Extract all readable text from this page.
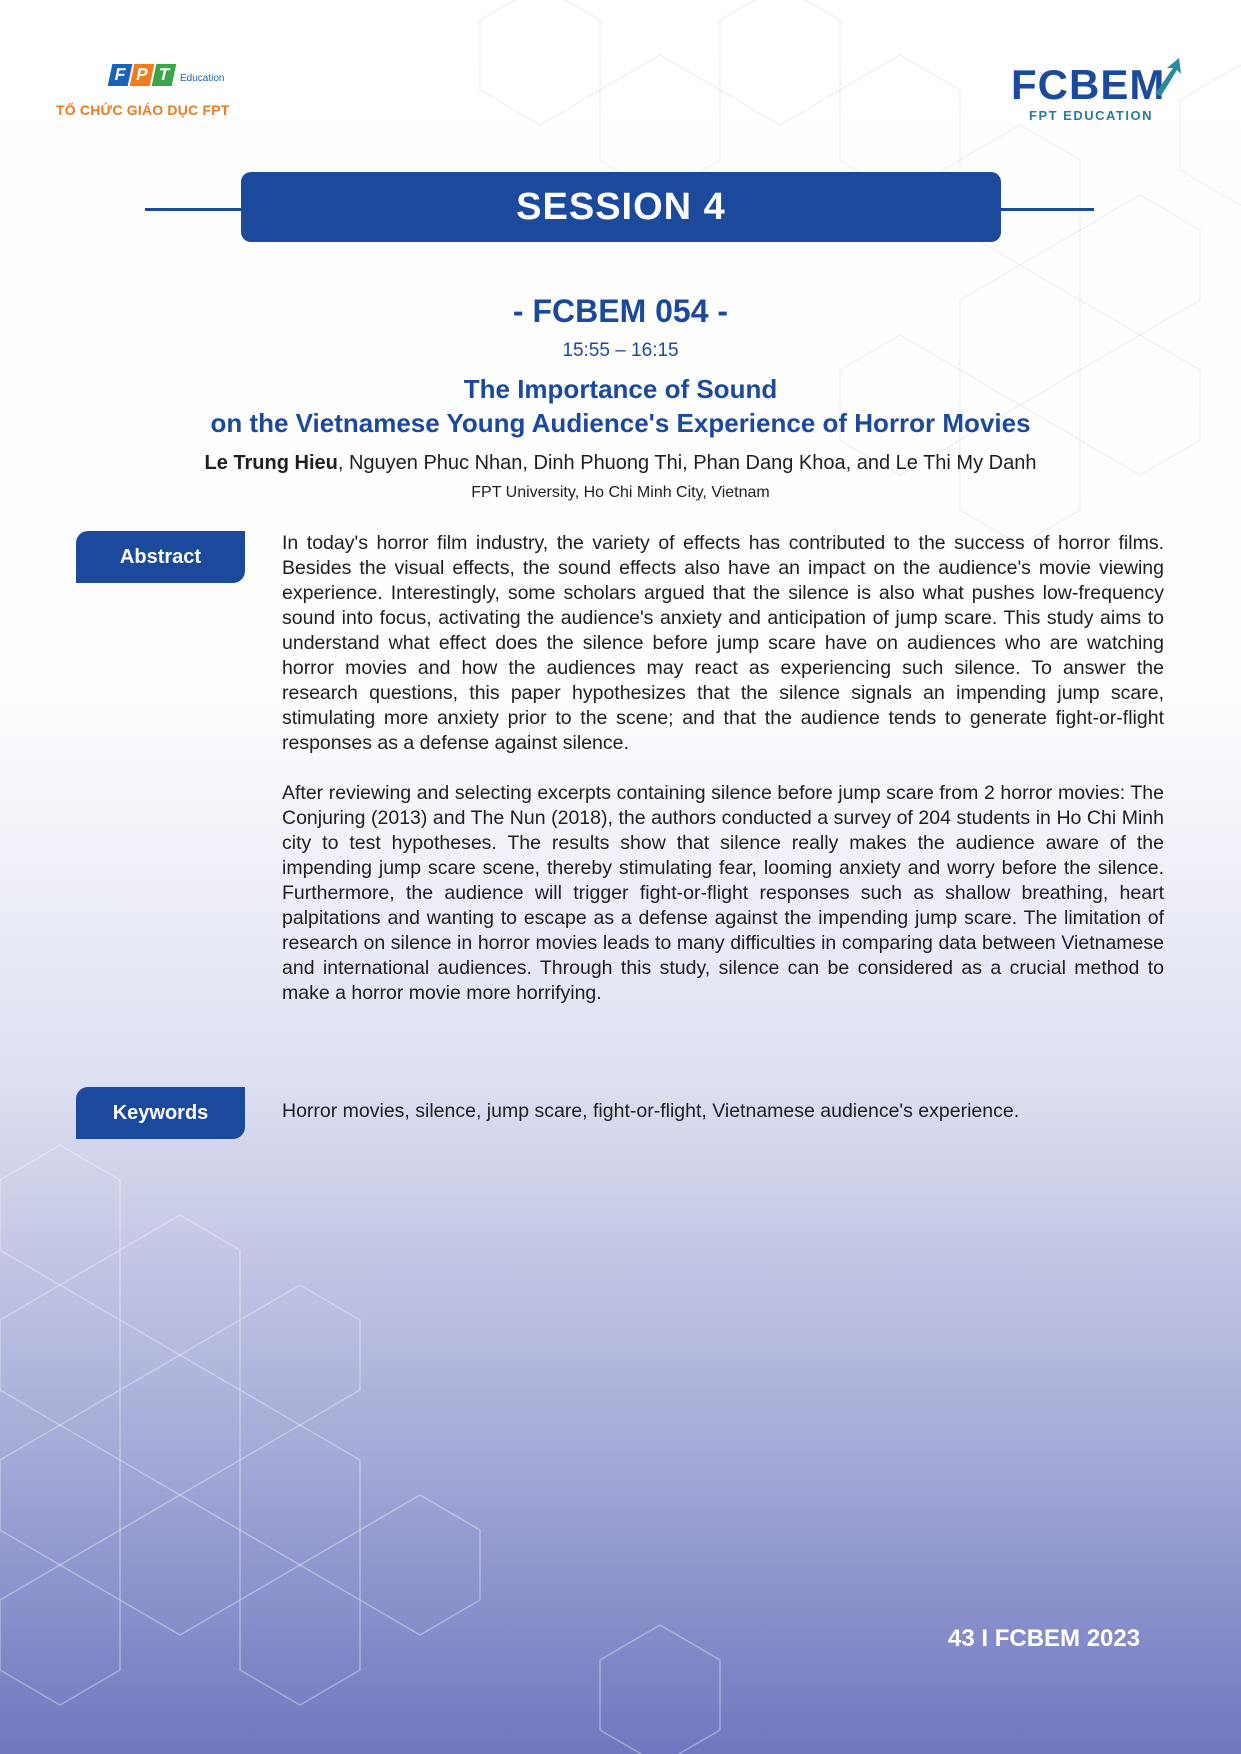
F P T Education
TỔ CHỨC GIÁO DỤC FPT
FCBEM
FPT EDUCATION
SESSION 4
- FCBEM 054 -
15:55 – 16:15
The Importance of Sound
on the Vietnamese Young Audience's Experience of Horror Movies
Le Trung Hieu, Nguyen Phuc Nhan, Dinh Phuong Thi, Phan Dang Khoa, and Le Thi My Danh
FPT University, Ho Chi Minh City, Vietnam
Abstract

In today's horror film industry, the variety of effects has contributed to the success of horror films. Besides the visual effects, the sound effects also have an impact on the audience's movie viewing experience. Interestingly, some scholars argued that the silence is also what pushes low-frequency sound into focus, activating the audience's anxiety and anticipation of jump scare. This study aims⁠ to understand what effect does the silence before jump scare have on audiences who are watching horror movies and how the audiences may react as experiencing such silence. To answer the research questions, this paper hypothesizes that the silence signals an impending jump scare, stimulating more anxiety prior to the scene; and that the audience tends to generate fight-or-flight responses as a defense against silence.

After reviewing and selecting excerpts containing silence before jump scare from 2 horror movies: The Conjuring (2013) and The Nun (2018), the authors conducted a survey of 204 students in Ho Chi Minh city to test hypotheses. The results show that silence really makes the audience aware of the impending jump scare scene, thereby stimulating fear, looming anxiety and worry before the silence. Furthermore, the audience will trigger fight-or-flight responses such as shallow breathing, heart palpitations and wanting to escape as a defense against the impending jump scare. The limitation of research on silence in horror movies leads to many difficulties in comparing data between Vietnamese and international audiences. Through this study, silence can be considered as a crucial method to make a horror movie more horrifying.

Keywords	Horror movies, silence, jump scare, fight-or-flight, Vietnamese audience's experience.
43 I FCBEM 2023
